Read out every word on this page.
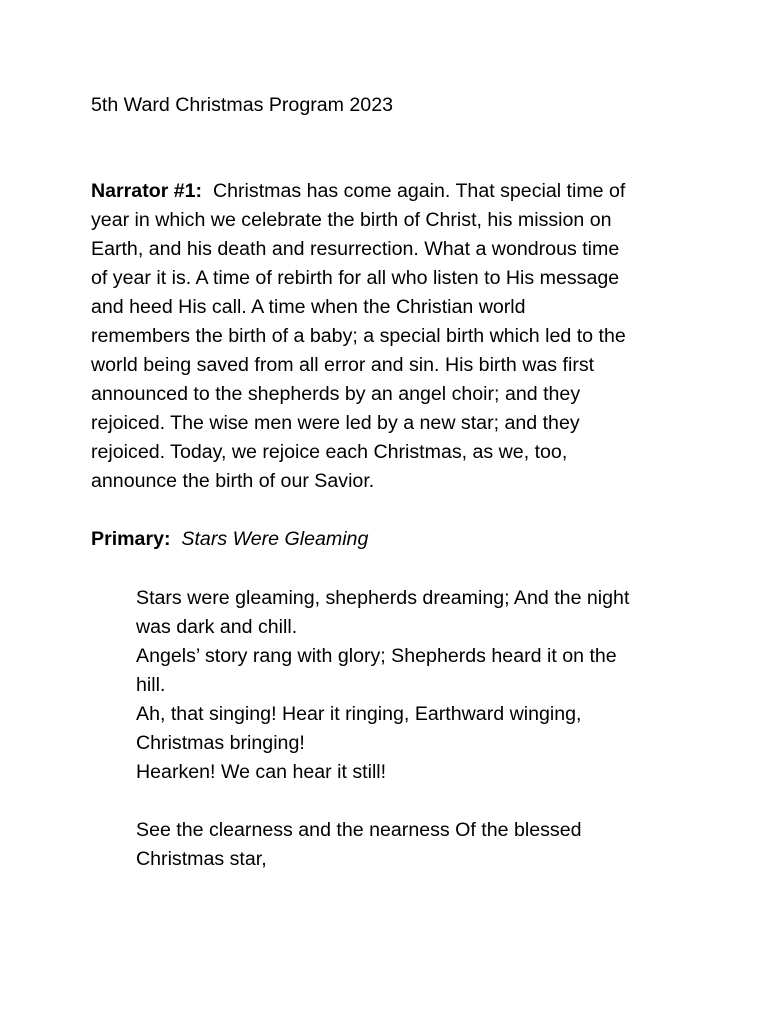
5th Ward Christmas Program 2023
Narrator #1: Christmas has come again. That special time of
year in which we celebrate the birth of Christ, his mission on
Earth, and his death and resurrection. What a wondrous time
of year it is. A time of rebirth for all who listen to His message
and heed His call. A time when the Christian world
remembers the birth of a baby; a special birth which led to the
world being saved from all error and sin. His birth was first
announced to the shepherds by an angel choir; and they
rejoiced. The wise men were led by a new star; and they
rejoiced. Today, we rejoice each Christmas, as we, too,
announce the birth of our Savior.
Primary: Stars Were Gleaming
Stars were gleaming, shepherds dreaming; And the night
was dark and chill.
Angels’ story rang with glory; Shepherds heard it on the
hill.
Ah, that singing! Hear it ringing, Earthward winging,
Christmas bringing!
Hearken! We can hear it still!
See the clearness and the nearness Of the blessed
Christmas star,
